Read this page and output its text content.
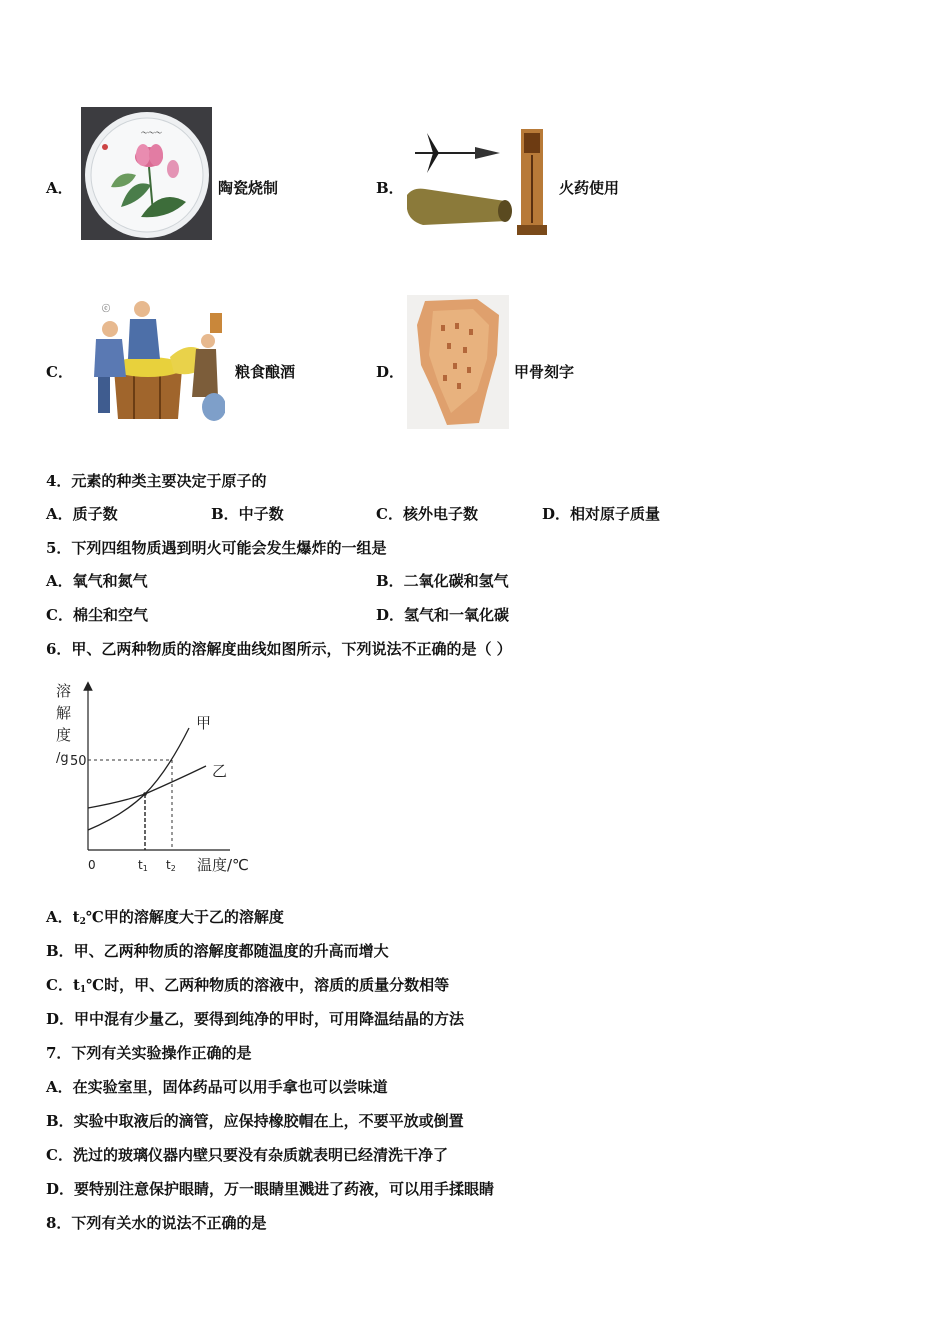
A．
〜〜〜
陶瓷烧制	B．	火药使用
C．
ⓒ
粮食酿酒	D．	甲骨刻字
4．元素的种类主要决定于原子的
A．质子数	B．中子数	C．核外电子数	D．相对原子质量
5．下列四组物质遇到明火可能会发生爆炸的一组是
A．氧气和氮气	B．二氧化碳和氢气
C．棉尘和空气	D．氢气和一氧化碳
6．甲、乙两种物质的溶解度曲线如图所示，下列说法不正确的是（ ）
溶
解
度
/g 50
甲
乙
0	t1 t2 温度/℃
A．$t_2℃$甲的溶解度大于乙的溶解度
B．甲、乙两种物质的溶解度都随温度的升高而增大
C．$t_1℃$时，甲、乙两种物质的溶液中，溶质的质量分数相等
D．甲中混有少量乙，要得到纯净的甲时，可用降温结晶的方法
7．下列有关实验操作正确的是
A．在实验室里，固体药品可以用手拿也可以尝味道
B．实验中取液后的滴管，应保持橡胶帽在上，不要平放或倒置
C．洗过的玻璃仪器内壁只要没有杂质就表明已经清洗干净了
D．要特别注意保护眼睛，万一眼睛里溅进了药液，可以用手揉眼睛
8．下列有关水的说法不正确的是
